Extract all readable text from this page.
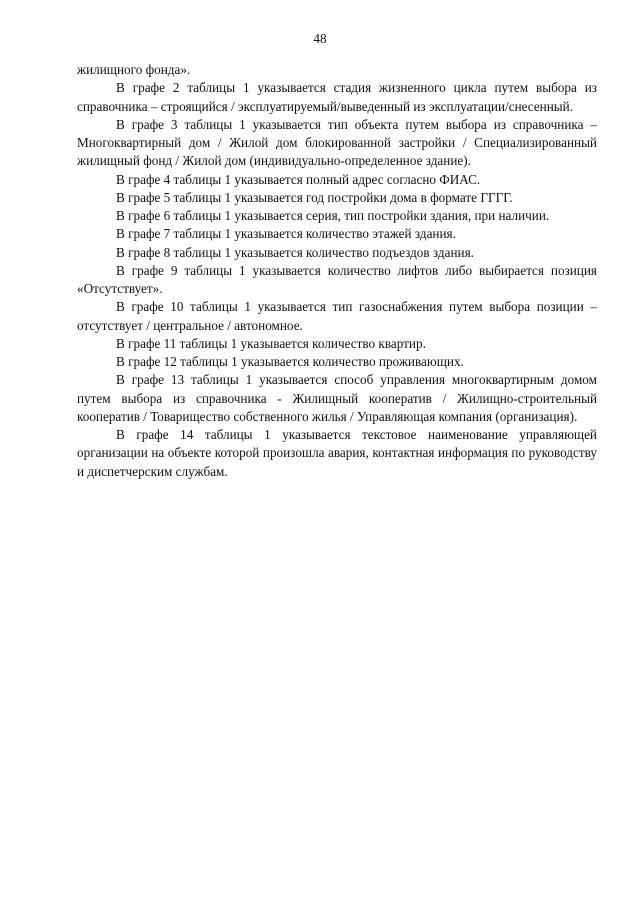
48

жилищного фонда».

В графе 2 таблицы 1 указывается стадия жизненного цикла путем выбора из справочника – строящийся / эксплуатируемый/выведенный из эксплуатации/снесенный.

В графе 3 таблицы 1 указывается тип объекта путем выбора из справочника – Многоквартирный дом / Жилой дом блокированной застройки / Специализированный жилищный фонд / Жилой дом (индивидуально-определенное здание).

В графе 4 таблицы 1 указывается полный адрес согласно ФИАС.

В графе 5 таблицы 1 указывается год постройки дома в формате ГГГГ.

В графе 6 таблицы 1 указывается серия, тип постройки здания, при наличии.

В графе 7 таблицы 1 указывается количество этажей здания.

В графе 8 таблицы 1 указывается количество подъездов здания.

В графе 9 таблицы 1 указывается количество лифтов либо выбирается позиция «Отсутствует».

В графе 10 таблицы 1 указывается тип газоснабжения путем выбора позиции – отсутствует / центральное / автономное.

В графе 11 таблицы 1 указывается количество квартир.

В графе 12 таблицы 1 указывается количество проживающих.

В графе 13 таблицы 1 указывается способ управления многоквартирным домом путем выбора из справочника - Жилищный кооператив / Жилищно-строительный кооператив / Товарищество собственного жилья / Управляющая компания (организация).

В графе 14 таблицы 1 указывается текстовое наименование управляющей организации на объекте которой произошла авария, контактная информация по руководству и диспетчерским службам.
